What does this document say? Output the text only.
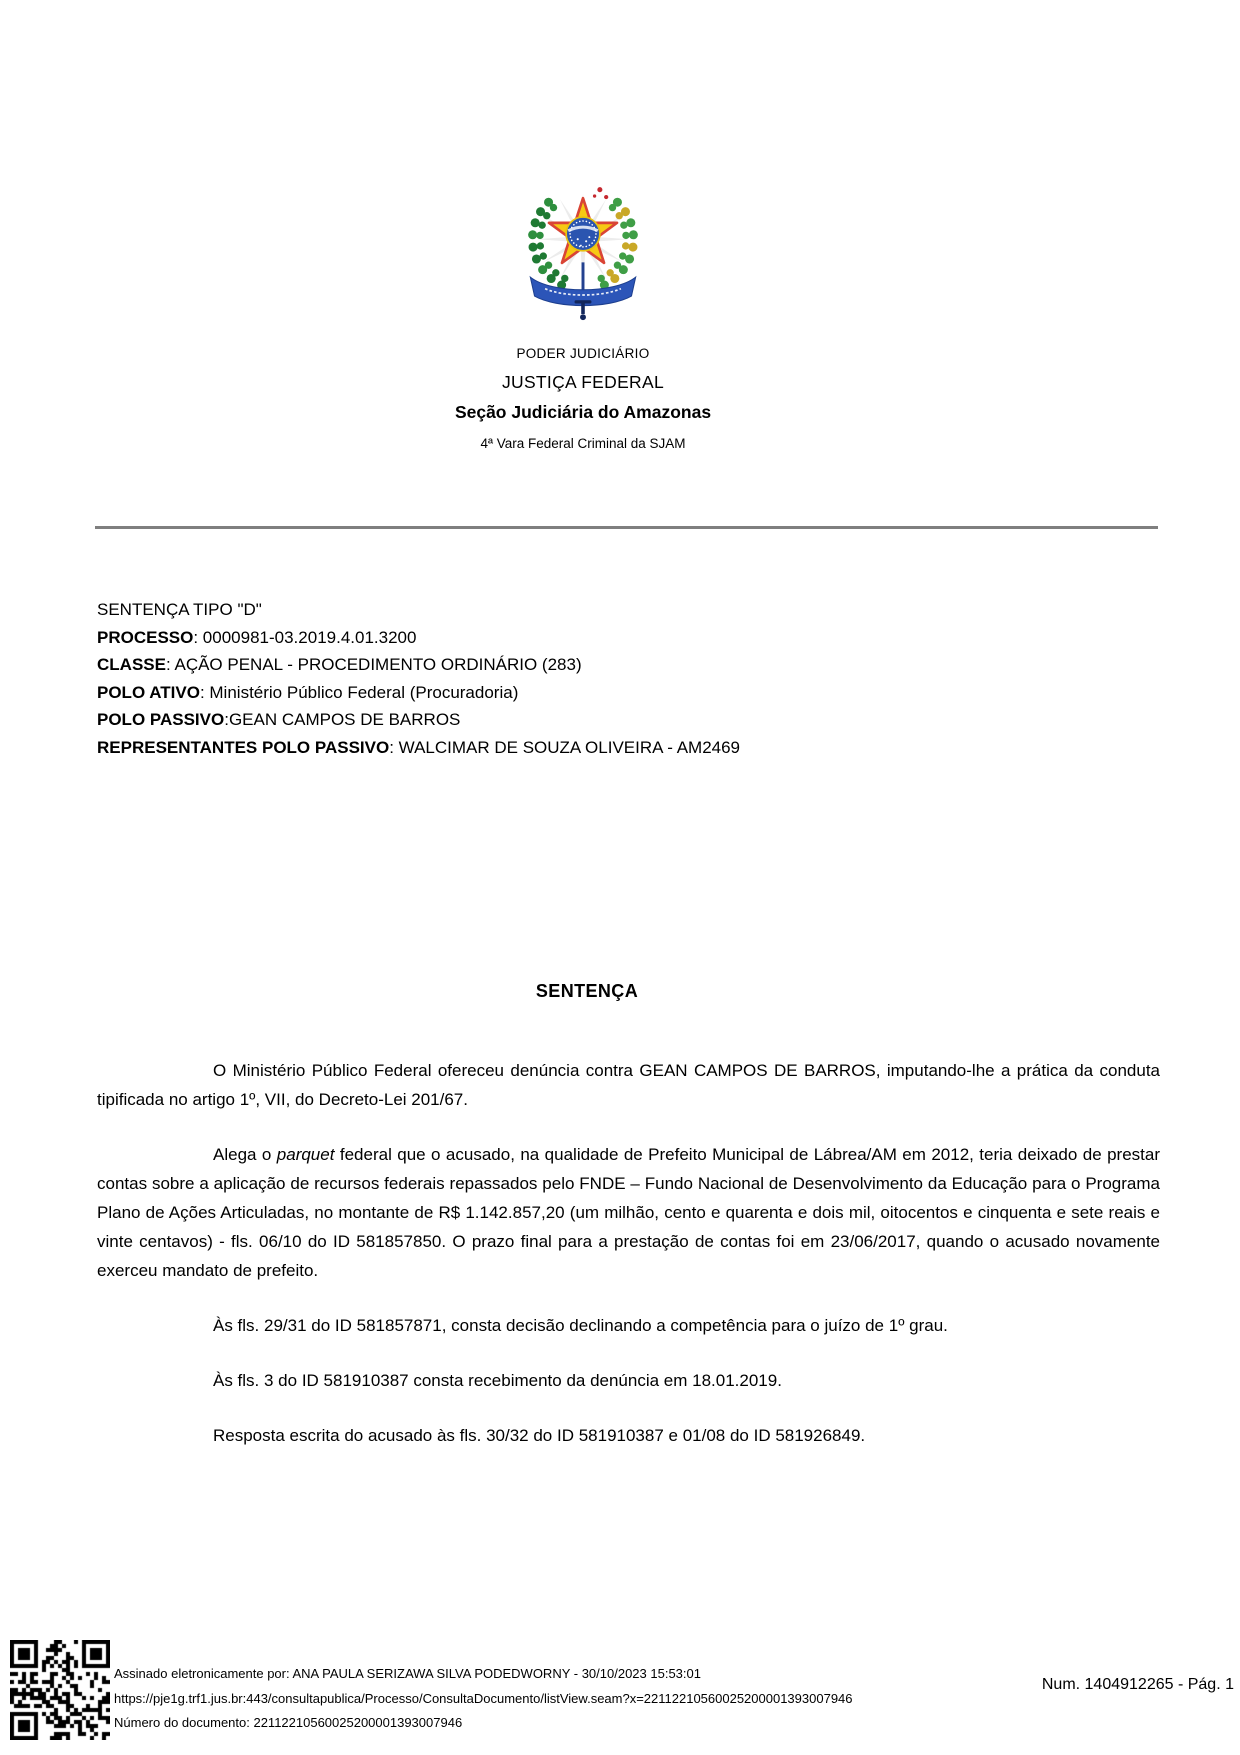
PODER JUDICIÁRIO
JUSTIÇA FEDERAL
Seção Judiciária do Amazonas
4ª Vara Federal Criminal da SJAM
SENTENÇA TIPO "D"
PROCESSO: 0000981-03.2019.4.01.3200
CLASSE: AÇÃO PENAL - PROCEDIMENTO ORDINÁRIO (283)
POLO ATIVO: Ministério Público Federal (Procuradoria)
POLO PASSIVO:GEAN CAMPOS DE BARROS
REPRESENTANTES POLO PASSIVO: WALCIMAR DE SOUZA OLIVEIRA - AM2469
SENTENÇA

O Ministério Público Federal ofereceu denúncia contra GEAN CAMPOS DE BARROS, imputando-lhe a prática da conduta tipificada no artigo 1º, VII, do Decreto-Lei 201/67.

Alega o parquet federal que o acusado, na qualidade de Prefeito Municipal de Lábrea/AM em 2012, teria deixado de prestar contas sobre a aplicação de recursos federais repassados pelo FNDE – Fundo Nacional de Desenvolvimento da Educação para o Programa Plano de Ações Articuladas, no montante de R$ 1.142.857,20 (um milhão, cento e quarenta e dois mil, oitocentos e cinquenta e sete reais e vinte centavos) - fls. 06/10 do ID 581857850. O prazo final para a prestação de contas foi em 23/06/2017, quando o acusado novamente exerceu mandato de prefeito.

Às fls. 29/31 do ID 581857871, consta decisão declinando a competência para o juízo de 1º grau.

Às fls. 3 do ID 581910387 consta recebimento da denúncia em 18.01.2019.

Resposta escrita do acusado às fls. 30/32 do ID 581910387 e 01/08 do ID 581926849.

Assinado eletronicamente por: ANA PAULA SERIZAWA SILVA PODEDWORNY - 30/10/2023 15:53:01
https://pje1g.trf1.jus.br:443/consultapublica/Processo/ConsultaDocumento/listView.seam?x=22112210560025200001393007946
Número do documento: 22112210560025200001393007946
Num. 1404912265 - Pág. 1
